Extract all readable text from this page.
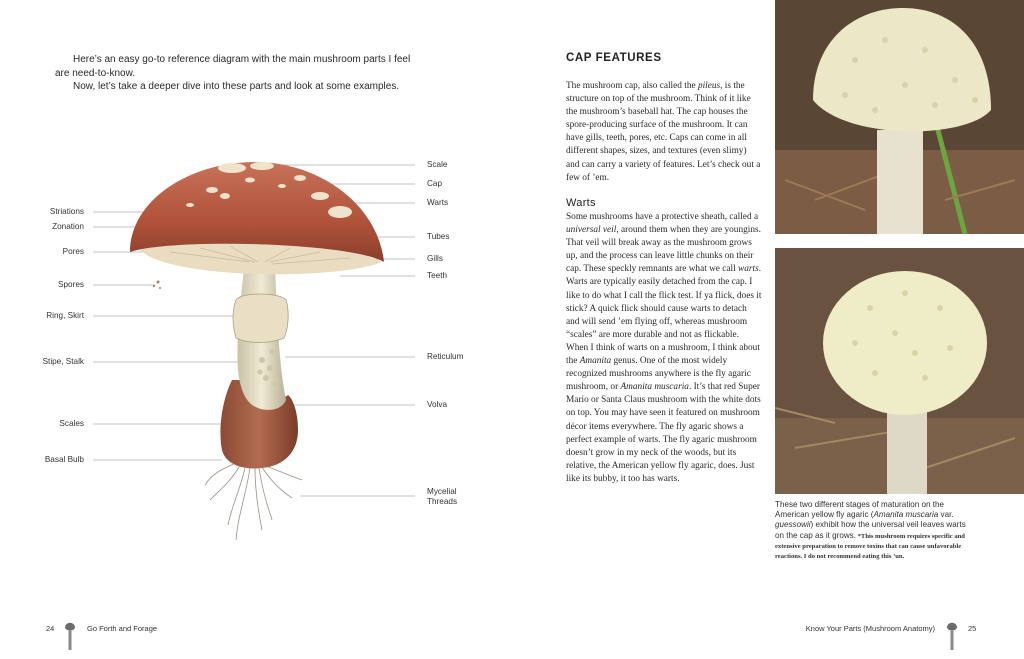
Here’s an easy go-to reference diagram with the main mushroom parts I feel are need-to-know.

Now, let’s take a deeper dive into these parts and look at some examples.

Striations
Zonation
Pores
Spores
Ring, Skirt
Stipe, Stalk
Scales
Basal Bulb
Scale
Cap
Warts
Tubes
Gills
Teeth
Reticulum
Volva
Mycelial
Threads
CAP FEATURES
The mushroom cap, also called the pileus, is the structure on top of the mushroom. Think of it like the mushroom’s baseball hat. The cap houses the spore-producing surface of the mushroom. It can have gills, teeth, pores, etc. Caps can come in all different shapes, sizes, and textures (even slimy) and can carry a variety of features. Let’s check out a few of ’em.
Warts
Some mushrooms have a protective sheath, called a universal veil, around them when they are youngins. That veil will break away as the mushroom grows up, and the process can leave little chunks on their cap. These speckly remnants are what we call warts. Warts are typically easily detached from the cap. I like to do what I call the flick test. If ya flick, does it stick? A quick flick should cause warts to detach and will send ’em flying off, whereas mushroom “scales” are more durable and not as flickable. When I think of warts on a mushroom, I think about the Amanita genus. One of the most widely recognized mushrooms anywhere is the fly agaric mushroom, or Amanita muscaria. It’s that red Super Mario or Santa Claus mushroom with the white dots on top. You may have seen it featured on mushroom décor items everywhere. The fly agaric shows a perfect example of warts. The fly agaric mushroom doesn’t grow in my neck of the woods, but its relative, the American yellow fly agaric, does. Just like its bubby, it too has warts.
These two different stages of maturation on the American yellow fly agaric (Amanita muscaria var. guessowii) exhibit how the universal veil leaves warts on the cap as it grows. *This mushroom requires specific and extensive preparation to remove toxins that can cause unfavorable reactions. I do not recommend eating this ’un.
24	Go Forth and Forage	Know Your Parts (Mushroom Anatomy)	25
